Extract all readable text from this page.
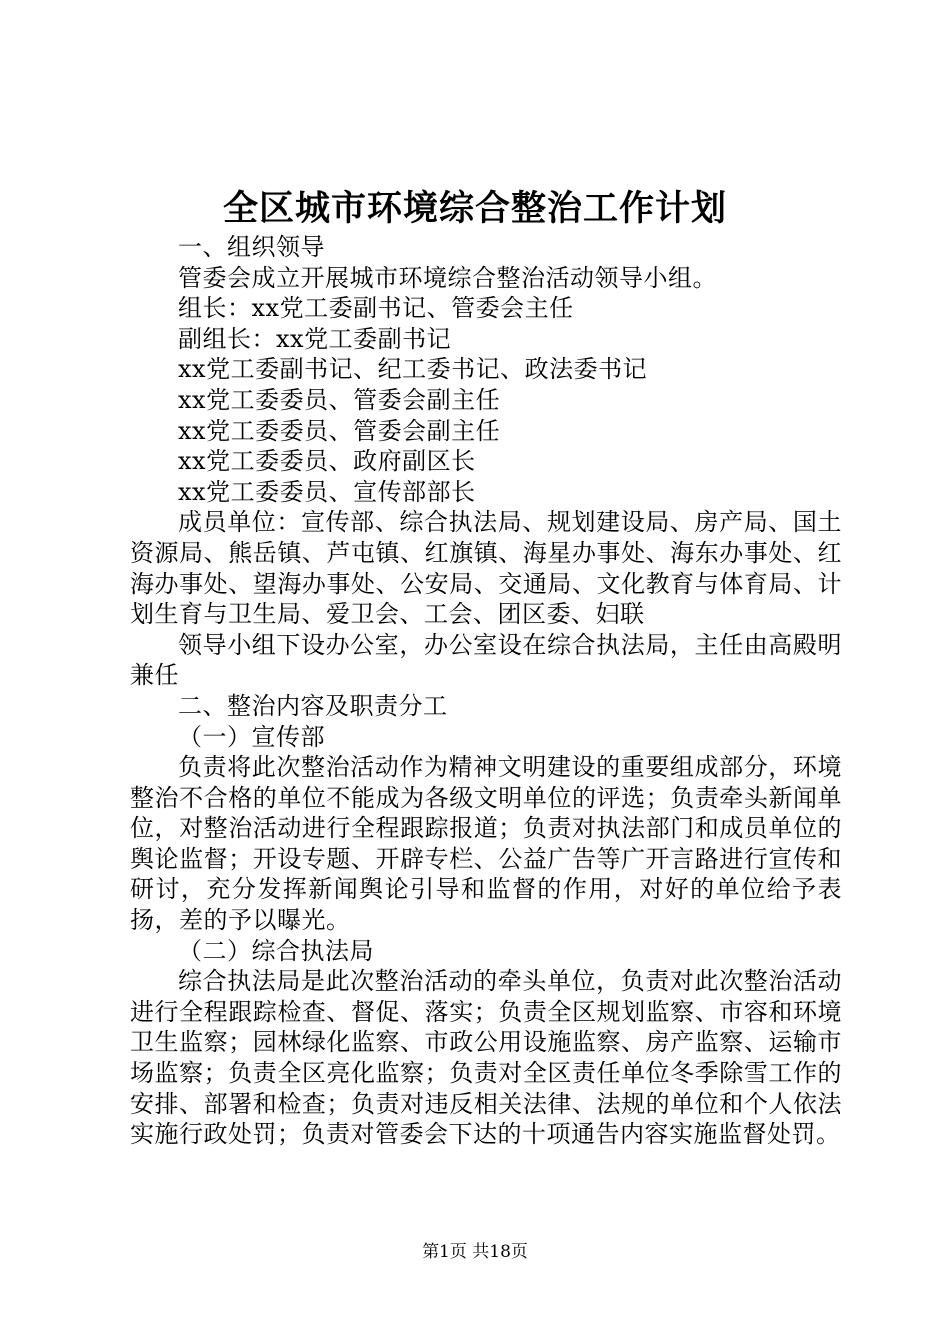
全区城市环境综合整治工作计划

一、组织领导

管委会成立开展城市环境综合整治活动领导小组。

组长：xx党工委副书记、管委会主任

副组长：xx党工委副书记

xx党工委副书记、纪工委书记、政法委书记

xx党工委委员、管委会副主任

xx党工委委员、管委会副主任

xx党工委委员、政府副区长

xx党工委委员、宣传部部长

成员单位：宣传部、综合执法局、规划建设局、房产局、国土资源局、熊岳镇、芦屯镇、红旗镇、海星办事处、海东办事处、红海办事处、望海办事处、公安局、交通局、文化教育与体育局、计划生育与卫生局、爱卫会、工会、团区委、妇联

领导小组下设办公室，办公室设在综合执法局，主任由高殿明兼任

二、整治内容及职责分工

（一）宣传部

负责将此次整治活动作为精神文明建设的重要组成部分，环境整治不合格的单位不能成为各级文明单位的评选；负责牵头新闻单位，对整治活动进行全程跟踪报道；负责对执法部门和成员单位的舆论监督；开设专题、开辟专栏、公益广告等广开言路进行宣传和研讨，充分发挥新闻舆论引导和监督的作用，对好的单位给予表扬，差的予以曝光。

（二）综合执法局

综合执法局是此次整治活动的牵头单位，负责对此次整治活动进行全程跟踪检查、督促、落实；负责全区规划监察、市容和环境卫生监察；园林绿化监察、市政公用设施监察、房产监察、运输市场监察；负责全区亮化监察；负责对全区责任单位冬季除雪工作的安排、部署和检查；负责对违反相关法律、法规的单位和个人依法实施行政处罚；负责对管委会下达的十项通告内容实施监督处罚。

第1页 共18页
